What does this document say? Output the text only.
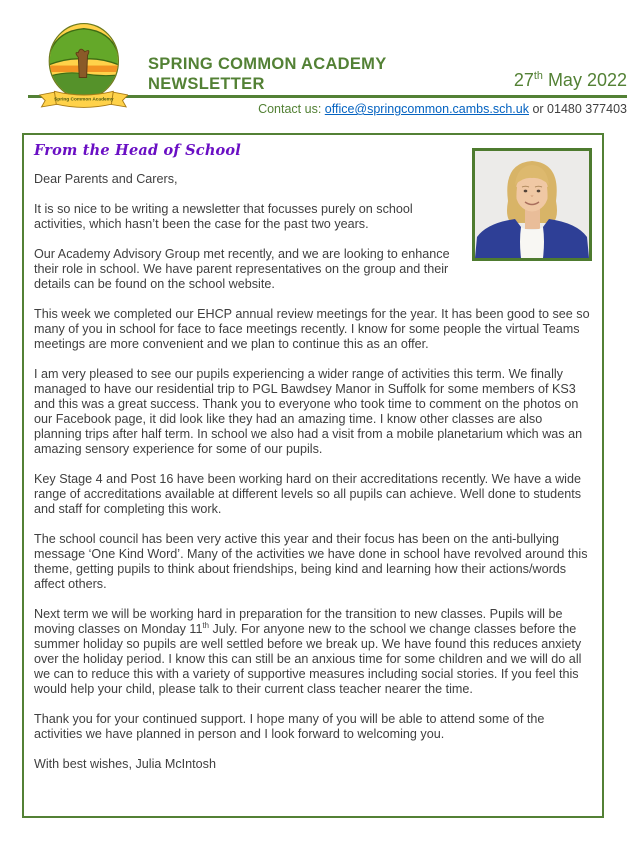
Spring Common Academy
SPRING COMMON ACADEMY
NEWSLETTER	27th May 2022
Contact us: office@springcommon.cambs.sch.uk or 01480 377403
From the Head of School

Dear Parents and Carers,

It is so nice to be writing a newsletter that focusses purely on school activities, which hasn’t been the case for the past two years.

Our Academy Advisory Group met recently, and we are looking to enhance their role in school. We have parent representatives on the group and their details can be found on the school website.

This week we completed our EHCP annual review meetings for the year. It has been good to see so many of you in school for face to face meetings recently. I know for some people the virtual Teams meetings are more convenient and we plan to continue this as an offer.

I am very pleased to see our pupils experiencing a wider range of activities this term. We finally managed to have our residential trip to PGL Bawdsey Manor in Suffolk for some members of KS3 and this was a great success. Thank you to everyone who took time to comment on the photos on our Facebook page, it did look like they had an amazing time. I know other classes are also planning trips after half term. In school we also had a visit from a mobile planetarium which was an amazing sensory experience for some of our pupils.

Key Stage 4 and Post 16 have been working hard on their accreditations recently. We have a wide range of accreditations available at different levels so all pupils can achieve. Well done to students and staff for completing this work.

The school council has been very active this year and their focus has been on the anti-bullying message ‘One Kind Word’. Many of the activities we have done in school have revolved around this theme, getting pupils to think about friendships, being kind and learning how their actions/words affect others.

Next term we will be working hard in preparation for the transition to new classes. Pupils will be moving classes on Monday 11th July. For anyone new to the school we change classes before the summer holiday so pupils are well settled before we break up. We have found this reduces anxiety over the holiday period. I know this can still be an anxious time for some children and we will do all we can to reduce this with a variety of supportive measures including social stories. If you feel this would help your child, please talk to their current class teacher nearer the time.

Thank you for your continued support. I hope many of you will be able to attend some of the activities we have planned in person and I look forward to welcoming you.

With best wishes, Julia McIntosh
